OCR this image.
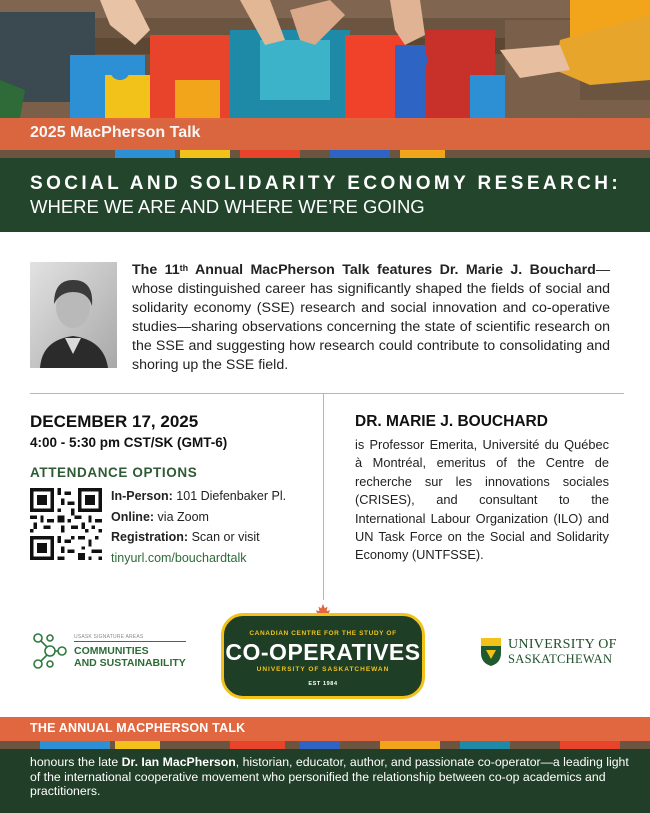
2025 MacPherson Talk
SOCIAL AND SOLIDARITY ECONOMY RESEARCH:
WHERE WE ARE AND WHERE WE’RE GOING
The 11th Annual MacPherson Talk features Dr. Marie J. Bouchard—whose distinguished career has significantly shaped the fields of social and solidarity economy (SSE) research and social innovation and co-operative studies—sharing observations concerning the state of scientific research on the SSE and suggesting how research could contribute to consolidating and shoring up the SSE field.
DECEMBER 17, 2025
4:00 - 5:30 pm CST/SK (GMT-6)
ATTENDANCE OPTIONS
In-Person: 101 Diefenbaker Pl.
Online: via Zoom
Registration: Scan or visit
tinyurl.com/bouchardtalk
DR. MARIE J. BOUCHARD
is Professor Emerita, Université du Québec à Montréal, emeritus of the Centre de recherche sur les innovations sociales (CRISES), and consultant to the International Labour Organization (ILO) and UN Task Force on the Social and Solidarity Economy (UNTFSSE).
USASK SIGNATURE AREAS
COMMUNITIES
AND SUSTAINABILITY
CANADIAN CENTRE FOR THE STUDY OF
CO-OPERATIVES
UNIVERSITY OF SASKATCHEWAN
EST 1984
UNIVERSITY OF
SASKATCHEWAN
THE ANNUAL MACPHERSON TALK
honours the late Dr. Ian MacPherson, historian, educator, author, and passionate co-operator—a leading light of the international cooperative movement who personified the relationship between co-op academics and practitioners.
